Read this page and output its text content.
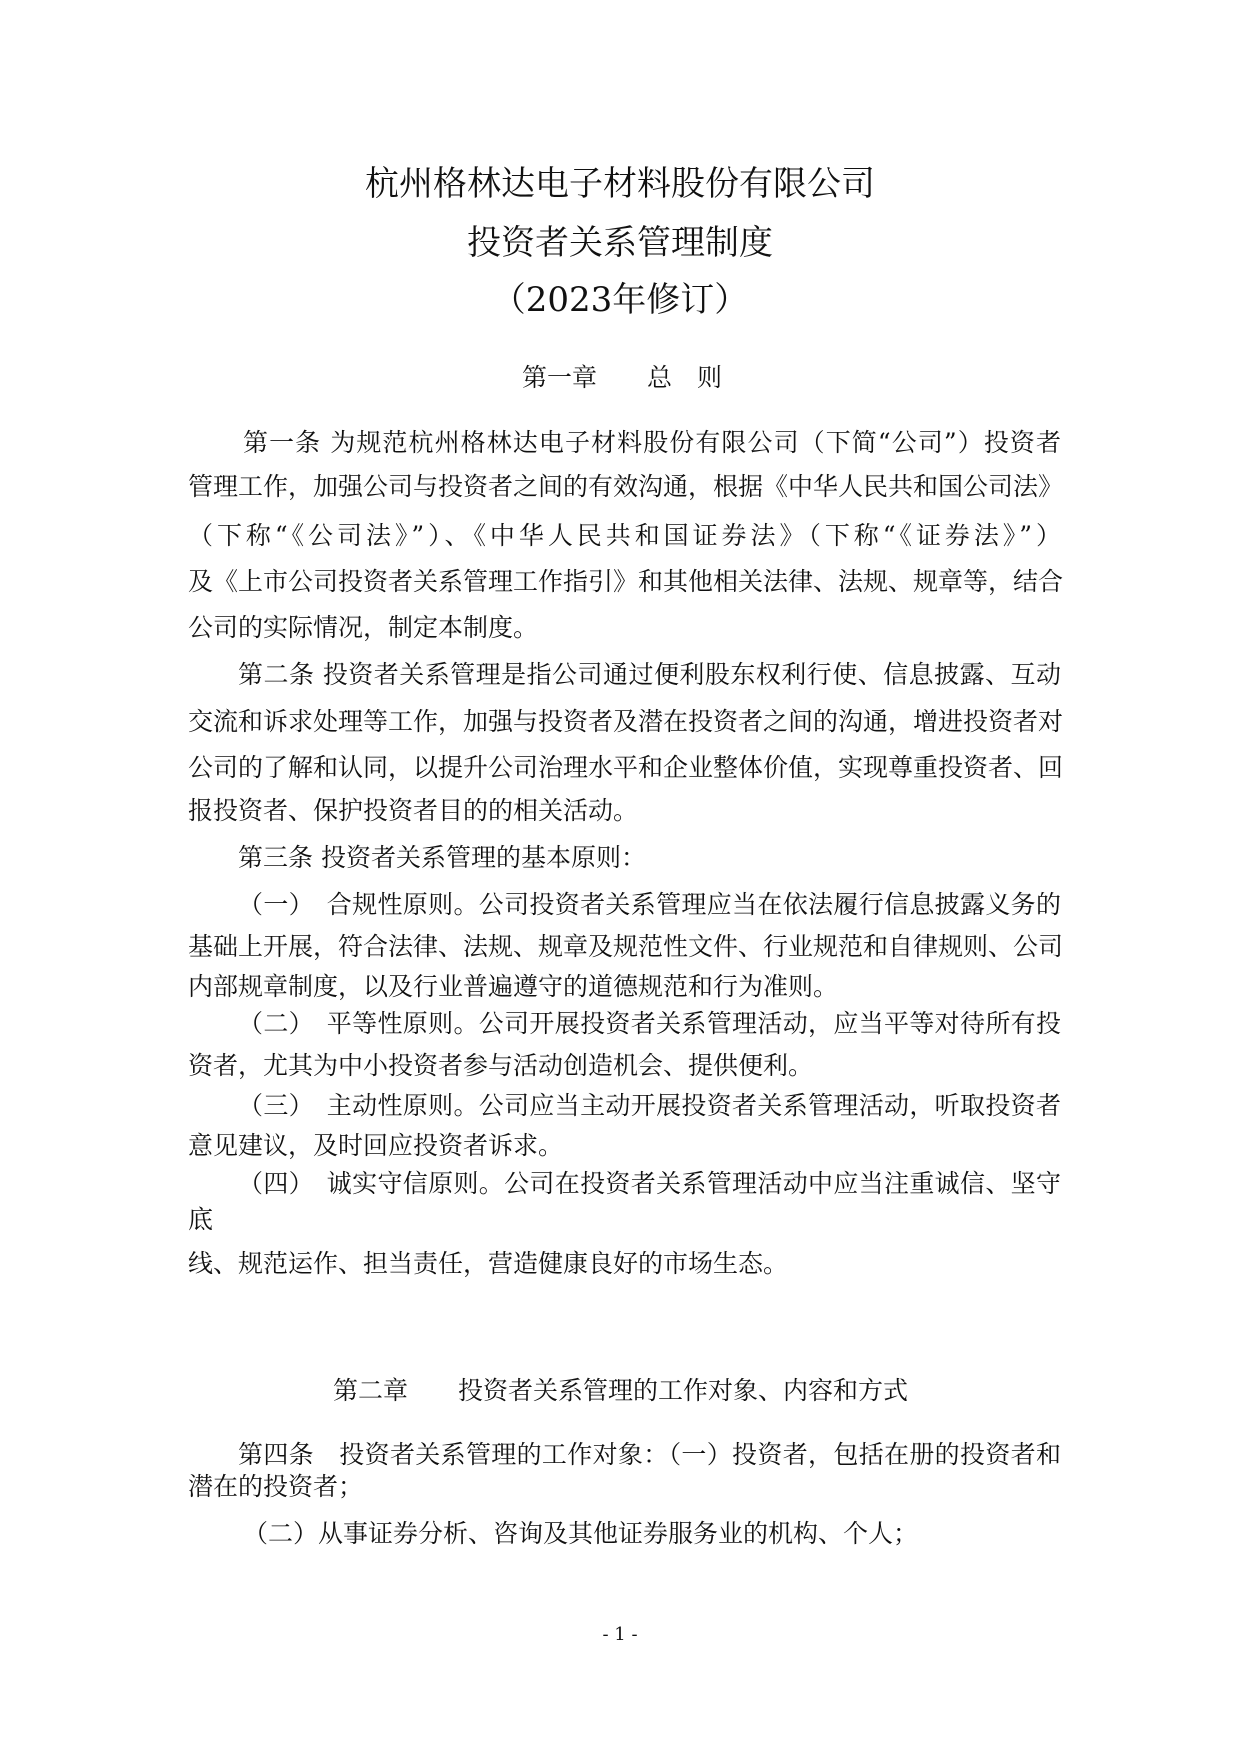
杭州格林达电子材料股份有限公司
投资者关系管理制度
（2023年修订）
第一章　　总　则
第一条 为规范杭州格林达电子材料股份有限公司（下简“公司”）投资者
管理工作，加强公司与投资者之间的有效沟通，根据《中华人民共和国公司法》
（下称“《公司法》”）、《中华人民共和国证券法》（下称“《证券法》”）
及《上市公司投资者关系管理工作指引》和其他相关法律、法规、规章等，结合
公司的实际情况，制定本制度。
第二条 投资者关系管理是指公司通过便利股东权利行使、信息披露、互动
交流和诉求处理等工作，加强与投资者及潜在投资者之间的沟通，增进投资者对
公司的了解和认同，以提升公司治理水平和企业整体价值，实现尊重投资者、回
报投资者、保护投资者目的的相关活动。
第三条 投资者关系管理的基本原则：
（一）　合规性原则。公司投资者关系管理应当在依法履行信息披露义务的
基础上开展，符合法律、法规、规章及规范性文件、行业规范和自律规则、公司
内部规章制度，以及行业普遍遵守的道德规范和行为准则。
（二）　平等性原则。公司开展投资者关系管理活动，应当平等对待所有投
资者，尤其为中小投资者参与活动创造机会、提供便利。
（三）　主动性原则。公司应当主动开展投资者关系管理活动，听取投资者
意见建议，及时回应投资者诉求。
（四）　诚实守信原则。公司在投资者关系管理活动中应当注重诚信、坚守
底
线、规范运作、担当责任，营造健康良好的市场生态。
第二章　　投资者关系管理的工作对象、内容和方式
第四条　投资者关系管理的工作对象：（一）投资者，包括在册的投资者和
潜在的投资者；
（二）从事证券分析、咨询及其他证券服务业的机构、个人；
- 1 -
